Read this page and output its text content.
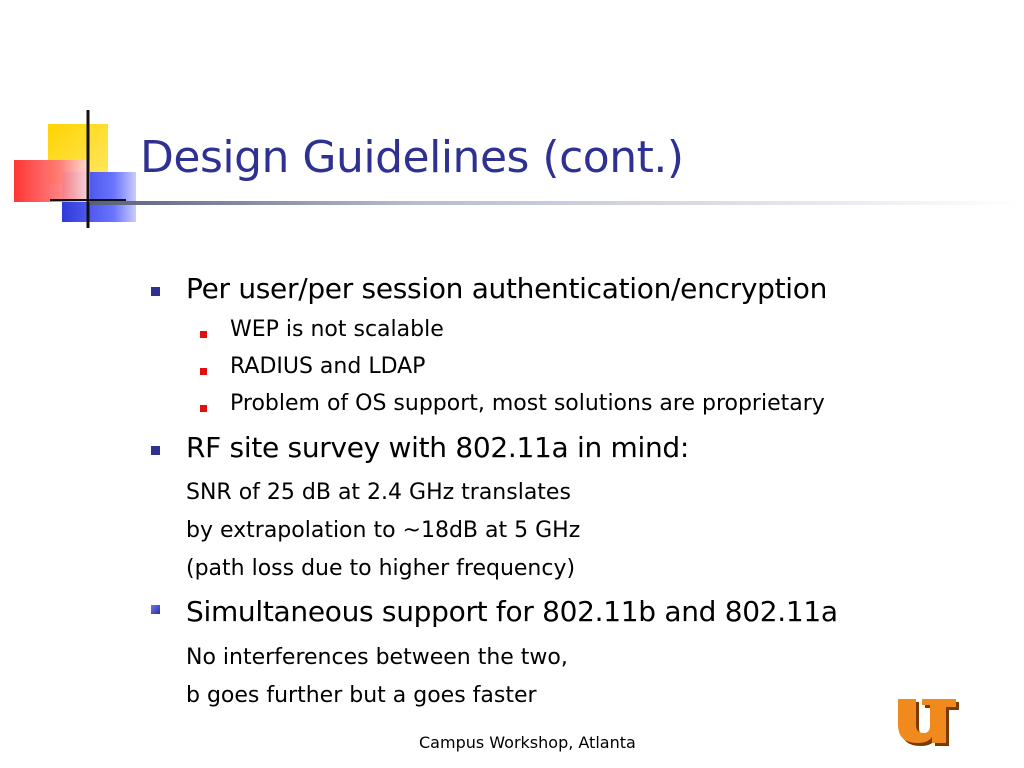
Design Guidelines (cont.)
Per user/per session authentication/encryption
WEP is not scalable
RADIUS and LDAP
Problem of OS support, most solutions are proprietary
RF site survey with 802.11a in mind:
SNR of 25 dB at 2.4 GHz translates
by extrapolation to ~18dB at 5 GHz
(path loss due to higher frequency)
Simultaneous support for 802.11b and 802.11a
No interferences between the two,
b goes further but a goes faster
Campus Workshop, Atlanta
